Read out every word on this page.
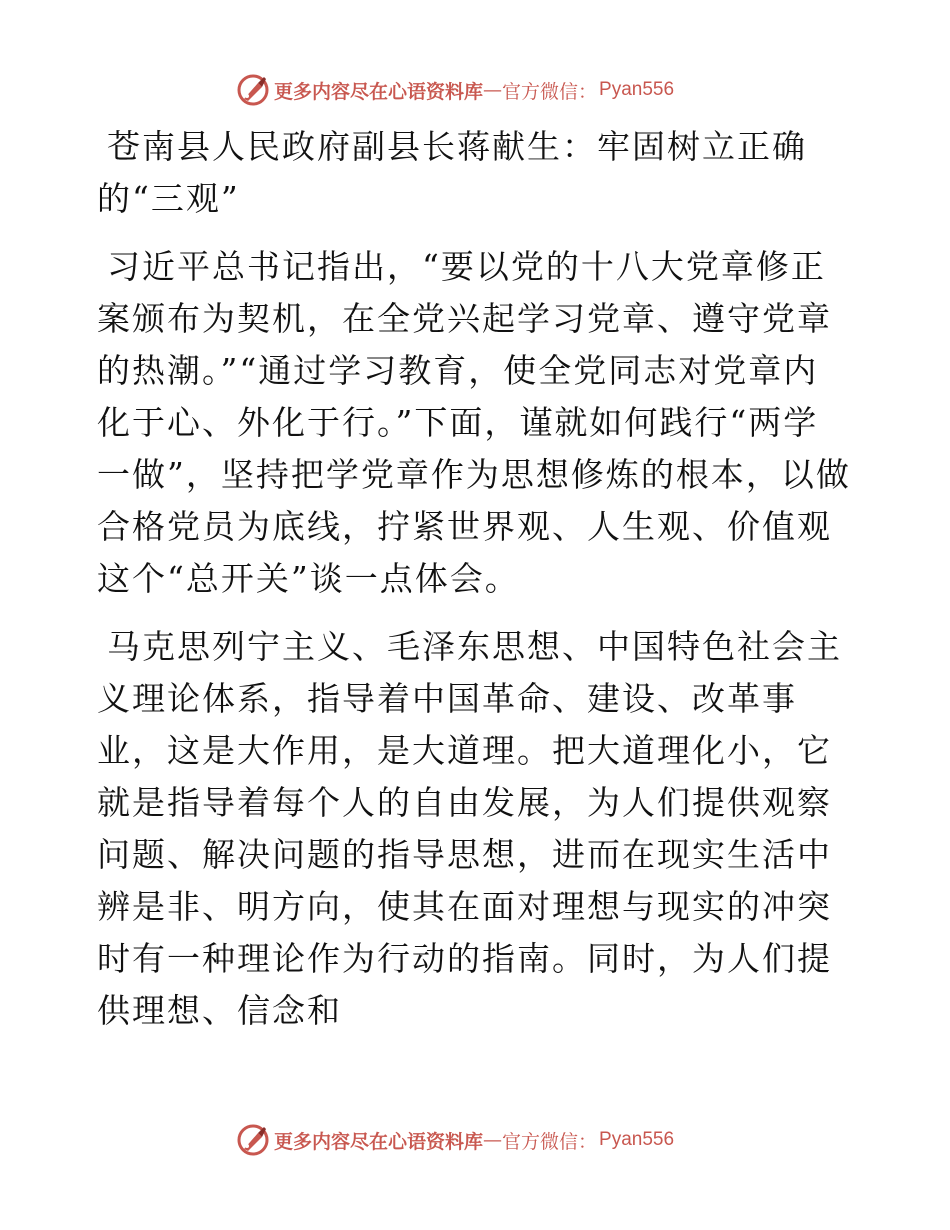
更多内容尽在心语资料库 — 官方微信： Pyan556

苍南县人民政府副县长蒋献生：牢固树立正确的“三观”

习近平总书记指出，“要以党的十八大党章修正案颁布为契机，在全党兴起学习党章、遵守党章的热潮。”“通过学习教育，使全党同志对党章内化于心、外化于行。”下面，谨就如何践行“两学一做”，坚持把学党章作为思想修炼的根本，以做合格党员为底线，拧紧世界观、人生观、价值观这个“总开关”谈一点体会。

马克思列宁主义、毛泽东思想、中国特色社会主义理论体系，指导着中国革命、建设、改革事业，这是大作用，是大道理。把大道理化小，它就是指导着每个人的自由发展，为人们提供观察问题、解决问题的指导思想，进而在现实生活中辨是非、明方向，使其在面对理想与现实的冲突时有一种理论作为行动的指南。同时，为人们提供理想、信念和

更多内容尽在心语资料库 — 官方微信： Pyan556
